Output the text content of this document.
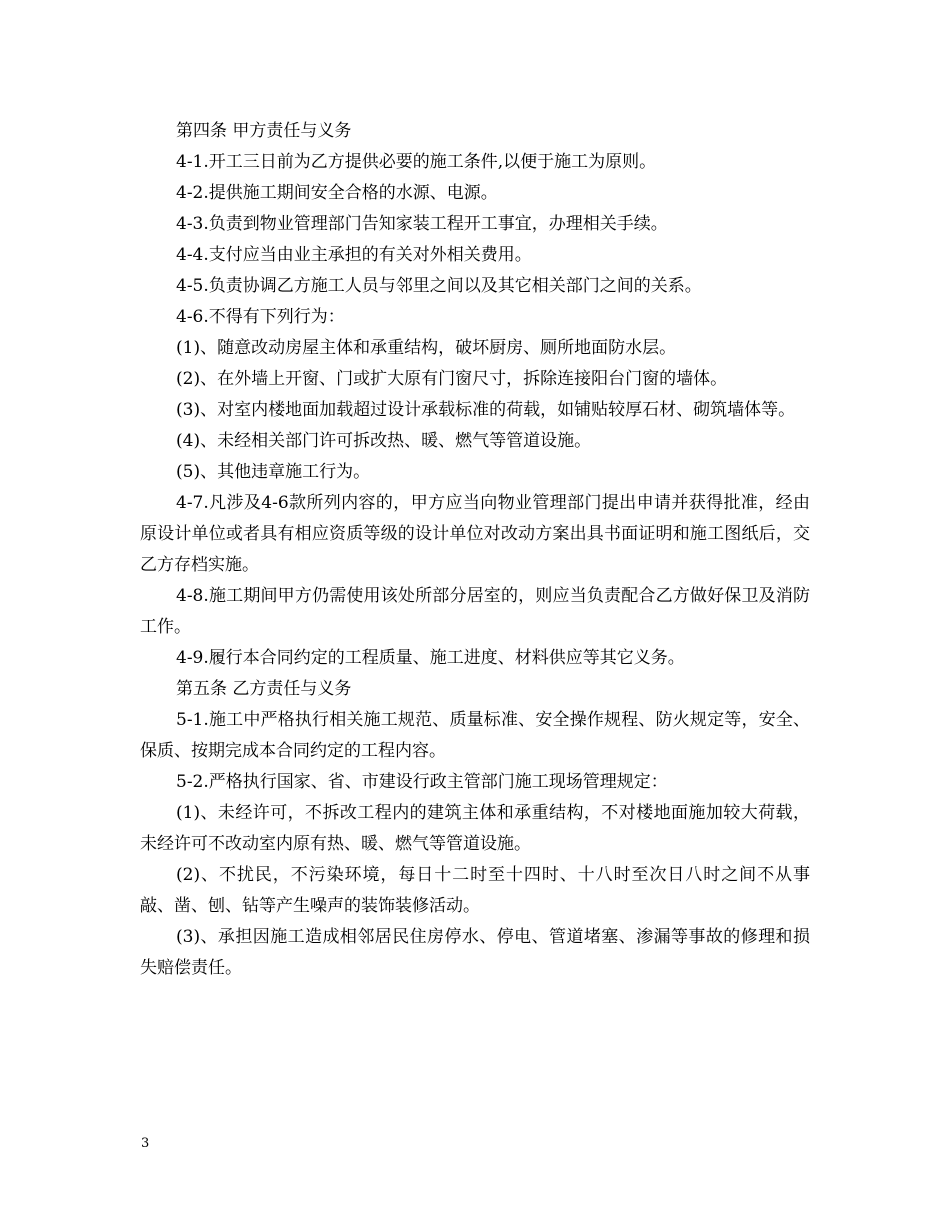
第四条 甲方责任与义务

4-1.开工三日前为乙方提供必要的施工条件,以便于施工为原则。

4-2.提供施工期间安全合格的水源、电源。

4-3.负责到物业管理部门告知家装工程开工事宜，办理相关手续。

4-4.支付应当由业主承担的有关对外相关费用。

4-5.负责协调乙方施工人员与邻里之间以及其它相关部门之间的关系。

4-6.不得有下列行为：

(1)、随意改动房屋主体和承重结构，破坏厨房、厕所地面防水层。

(2)、在外墙上开窗、门或扩大原有门窗尺寸，拆除连接阳台门窗的墙体。

(3)、对室内楼地面加载超过设计承载标准的荷载，如铺贴较厚石材、砌筑墙体等。

(4)、未经相关部门许可拆改热、暖、燃气等管道设施。

(5)、其他违章施工行为。

4-7.凡涉及4-6款所列内容的，甲方应当向物业管理部门提出申请并获得批准，经由原设计单位或者具有相应资质等级的设计单位对改动方案出具书面证明和施工图纸后，交乙方存档实施。

4-8.施工期间甲方仍需使用该处所部分居室的，则应当负责配合乙方做好保卫及消防工作。

4-9.履行本合同约定的工程质量、施工进度、材料供应等其它义务。

第五条 乙方责任与义务

5-1.施工中严格执行相关施工规范、质量标准、安全操作规程、防火规定等，安全、保质、按期完成本合同约定的工程内容。

5-2.严格执行国家、省、市建设行政主管部门施工现场管理规定：

(1)、未经许可，不拆改工程内的建筑主体和承重结构，不对楼地面施加较大荷载，未经许可不改动室内原有热、暖、燃气等管道设施。

(2)、不扰民，不污染环境，每日十二时至十四时、十八时至次日八时之间不从事敲、凿、刨、钻等产生噪声的装饰装修活动。

(3)、承担因施工造成相邻居民住房停水、停电、管道堵塞、渗漏等事故的修理和损失赔偿责任。

3
